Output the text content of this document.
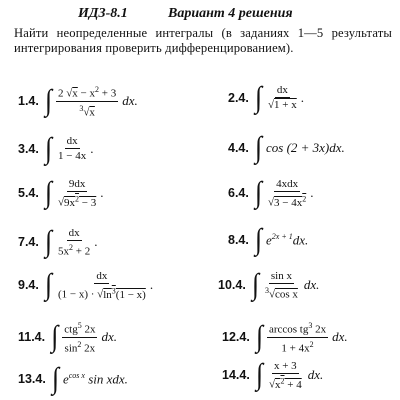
ИДЗ-8.1	Вариант 4 решения
Найти неопределенные интегралы (в заданиях 1—5 результаты интегрирования проверить дифференцированием).
1.4. ∫ $\frac{2 √x - x^2 + 3}{^3√x}$ dx.	2.4. ∫ $\frac{dx}{√1 + x}$ .
3.4. ∫ $\frac{dx}{1 - 4x}$ .	4.4. ∫ cos (2 + 3x)dx.
5.4. ∫ $\frac{9dx}{√9x^2 - 3}$ .	6.4. ∫ $\frac{\text{4xdx}}{√3 - 4x^2}$ .
7.4. ∫ $\frac{dx}{5x^2 + 2}$ .	8.4. ∫ $e^{2x + 1}dx$.
9.4. ∫ $\frac{dx}{(1 - x) \cdot √\ln^3(1 - x)}$ .	10.4. ∫ $\frac{\text{sin x}}{^3√\cos x}$ dx.
11.4. ∫ $\frac{ctg^5 2x}{\sin^2 2x}$ dx.	12.4. ∫ $\frac{\arccos tg^3 2x}{1 + 4x^2}$ dx.
13.4. ∫ $e^{cos x}$ sin xdx.	14.4. ∫ $\frac{x + 3}{√x^2 + 4}$ dx.
